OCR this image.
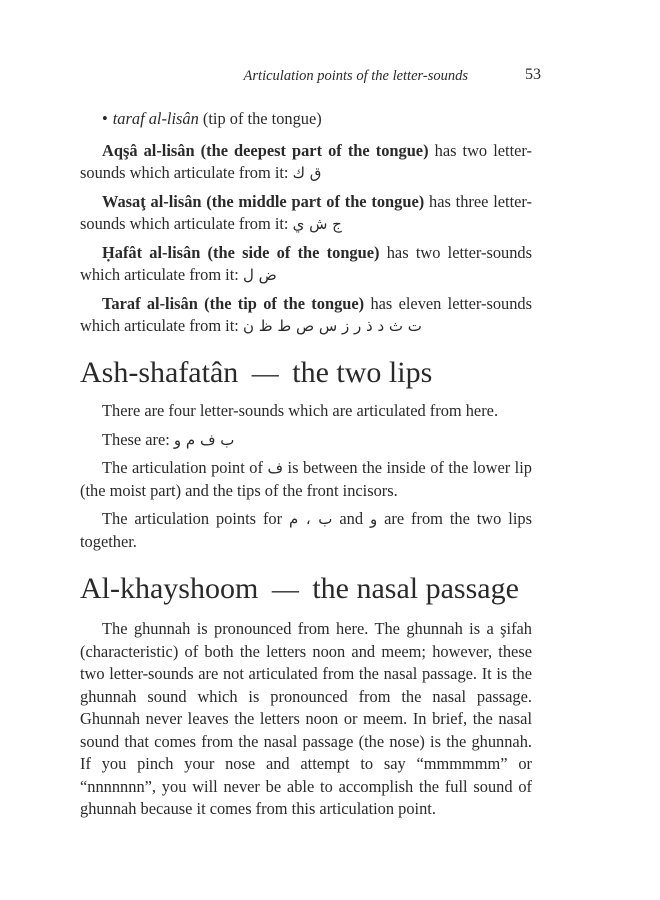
Articulation points of the letter-sounds	53

• taraf al-lisân (tip of the tongue)

Aqşâ al-lisân (the deepest part of the tongue) has two letter-sounds which articulate from it: ق ك

Wasaţ al-lisân (the middle part of the tongue) has three letter-sounds which articulate from it: ج ش ي

Ḥafât al-lisân (the side of the tongue) has two letter-sounds which articulate from it: ض ل

Taraf al-lisân (the tip of the tongue) has eleven letter-sounds which articulate from it: ت ث د ذ ر ز س ص ط ظ ن

Ash-shafatân  —  the two lips

There are four letter-sounds which are articulated from here.

These are: ب ف م و

The articulation point of ف is between the inside of the lower lip (the moist part) and the tips of the front incisors.

The articulation points for ب ، م and و are from the two lips together.

Al-khayshoom  —  the nasal passage

The ghunnah is pronounced from here. The ghunnah is a şifah (characteristic) of both the letters noon and meem; however, these two letter-sounds are not articulated from the nasal passage. It is the ghunnah sound which is pronounced from the nasal passage. Ghunnah never leaves the letters noon or meem. In brief, the nasal sound that comes from the nasal passage (the nose) is the ghunnah. If you pinch your nose and attempt to say “mmmmmm” or “nnnnnnn”, you will never be able to accomplish the full sound of ghunnah because it comes from this articulation point.
